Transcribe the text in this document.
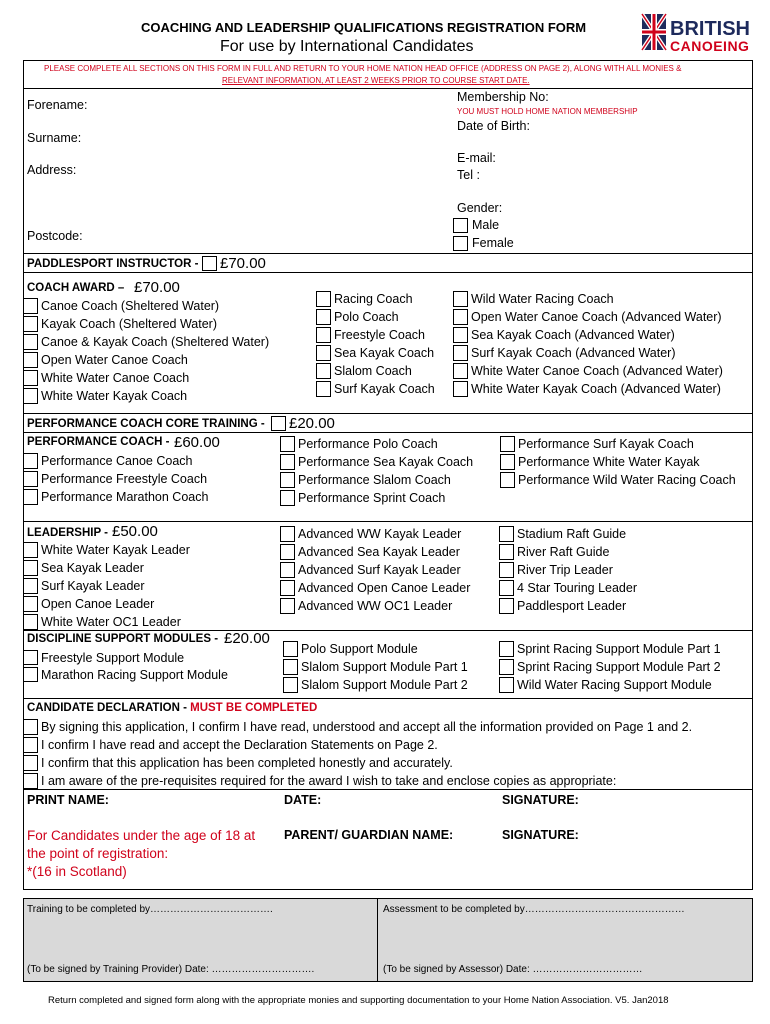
COACHING AND LEADERSHIP QUALIFICATIONS REGISTRATION FORM
For use by International Candidates
BRITISH
CANOEING
PLEASE COMPLETE ALL SECTIONS ON THIS FORM IN FULL AND RETURN TO YOUR HOME NATION HEAD OFFICE (ADDRESS ON PAGE 2), ALONG WITH ALL MONIES &
RELEVANT INFORMATION, AT LEAST 2 WEEKS PRIOR TO COURSE START DATE.
Forename:
Surname:
Address:
Postcode:
Membership No:
YOU MUST HOLD HOME NATION MEMBERSHIP
Date of Birth:
E-mail:
Tel :
Gender:
Male
Female
PADDLESPORT INSTRUCTOR - £70.00
COACH AWARD – £70.00
Canoe Coach (Sheltered Water)
Kayak Coach (Sheltered Water)
Canoe & Kayak Coach (Sheltered Water)
Open Water Canoe Coach
White Water Canoe Coach
White Water Kayak Coach
Racing Coach
Polo Coach
Freestyle Coach
Sea Kayak Coach
Slalom Coach
Surf Kayak Coach
Wild Water Racing Coach
Open Water Canoe Coach (Advanced Water)
Sea Kayak Coach (Advanced Water)
Surf Kayak Coach (Advanced Water)
White Water Canoe Coach (Advanced Water)
White Water Kayak Coach (Advanced Water)
PERFORMANCE COACH CORE TRAINING - £20.00
PERFORMANCE COACH - £60.00
Performance Canoe Coach
Performance Freestyle Coach
Performance Marathon Coach
Performance Polo Coach
Performance Sea Kayak Coach
Performance Slalom Coach
Performance Sprint Coach
Performance Surf Kayak Coach
Performance White Water Kayak
Performance Wild Water Racing Coach
LEADERSHIP - £50.00
White Water Kayak Leader
Sea Kayak Leader
Surf Kayak Leader
Open Canoe Leader
White Water OC1 Leader
Advanced WW Kayak Leader
Advanced Sea Kayak Leader
Advanced Surf Kayak Leader
Advanced Open Canoe Leader
Advanced WW OC1 Leader
Stadium Raft Guide
River Raft Guide
River Trip Leader
4 Star Touring Leader
Paddlesport Leader
DISCIPLINE SUPPORT MODULES - £20.00
Freestyle Support Module
Marathon Racing Support Module
Polo Support Module
Slalom Support Module Part 1
Slalom Support Module Part 2
Sprint Racing Support Module Part 1
Sprint Racing Support Module Part 2
Wild Water Racing Support Module
CANDIDATE DECLARATION - MUST BE COMPLETED
By signing this application, I confirm I have read, understood and accept all the information provided on Page 1 and 2.
I confirm I have read and accept the Declaration Statements on Page 2.
I confirm that this application has been completed honestly and accurately.
I am aware of the pre-requisites required for the award I wish to take and enclose copies as appropriate:
PRINT NAME:	DATE:	SIGNATURE:
For Candidates under the age of 18 at
the point of registration:
*(16 in Scotland)
PARENT/ GUARDIAN NAME:	SIGNATURE:
Training to be completed by……………………………….
(To be signed by Training Provider) Date: ………………………….
Assessment to be completed by…………………………………………
(To be signed by Assessor) Date: ……………………………
Return completed and signed form along with the appropriate monies and supporting documentation to your Home Nation Association. V5. Jan2018
